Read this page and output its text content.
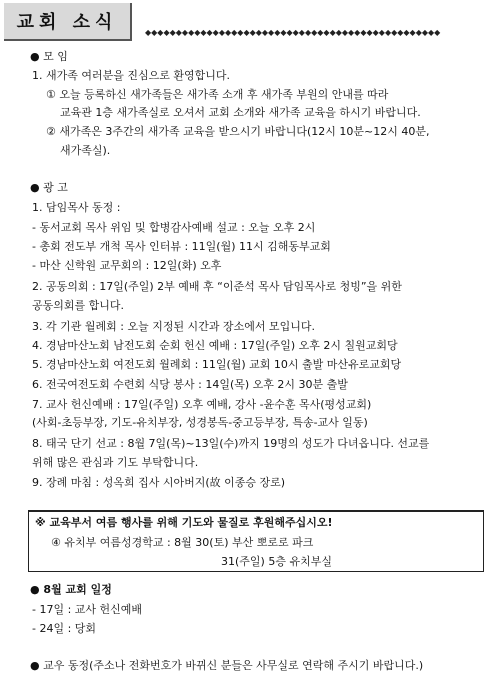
교회 소식	◆◆◆◆◆◆◆◆◆◆◆◆◆◆◆◆◆◆◆◆◆◆◆◆◆◆◆◆◆◆◆◆◆◆◆◆◆◆◆◆◆◆◆◆◆◆◆◆
● 모 임
1. 새가족 여러분을 진심으로 환영합니다.
① 오늘 등록하신 새가족들은 새가족 소개 후 새가족 부원의 안내를 따라
교육관 1층 새가족실로 오셔서 교회 소개와 새가족 교육을 하시기 바랍니다.
② 새가족은 3주간의 새가족 교육을 받으시기 바랍니다(12시 10분~12시 40분,
새가족실).
● 광 고
1. 담임목사 동정 :
- 동서교회 목사 위임 및 합병감사예배 설교 : 오늘 오후 2시
- 총회 전도부 개척 목사 인터뷰 : 11일(월) 11시 김해동부교회
- 마산 신학원 교무회의 : 12일(화) 오후
2. 공동의회 : 17일(주일) 2부 예배 후 “이준석 목사 담임목사로 청빙”을 위한
공동의회를 합니다.
3. 각 기관 월례회 : 오늘 지정된 시간과 장소에서 모입니다.
4. 경남마산노회 남전도회 순회 헌신 예배 : 17일(주일) 오후 2시 칠원교회당
5. 경남마산노회 여전도회 월례회 : 11일(월) 교회 10시 출발 마산유로교회당
6. 전국여전도회 수련회 식당 봉사 : 14일(목) 오후 2시 30분 출발
7. 교사 헌신예배 : 17일(주일) 오후 예배, 강사 -윤수훈 목사(평성교회)
(사회-초등부장, 기도-유치부장, 성경봉독-중고등부장, 특송-교사 일동)
8. 태국 단기 선교 : 8월 7일(목)~13일(수)까지 19명의 성도가 다녀옵니다. 선교를
위해 많은 관심과 기도 부탁합니다.
9. 장례 마침 : 성옥희 집사 시아버지(故 이종승 장로)
※ 교육부서 여름 행사를 위해 기도와 물질로 후원해주십시오!
④ 유치부 여름성경학교 : 8월 30(토) 부산 뽀로로 파크
31(주일) 5층 유치부실
● 8월 교회 일정
- 17일 : 교사 헌신예배
- 24일 : 당회
● 교우 동정(주소나 전화번호가 바뀌신 분들은 사무실로 연락해 주시기 바랍니다.)
